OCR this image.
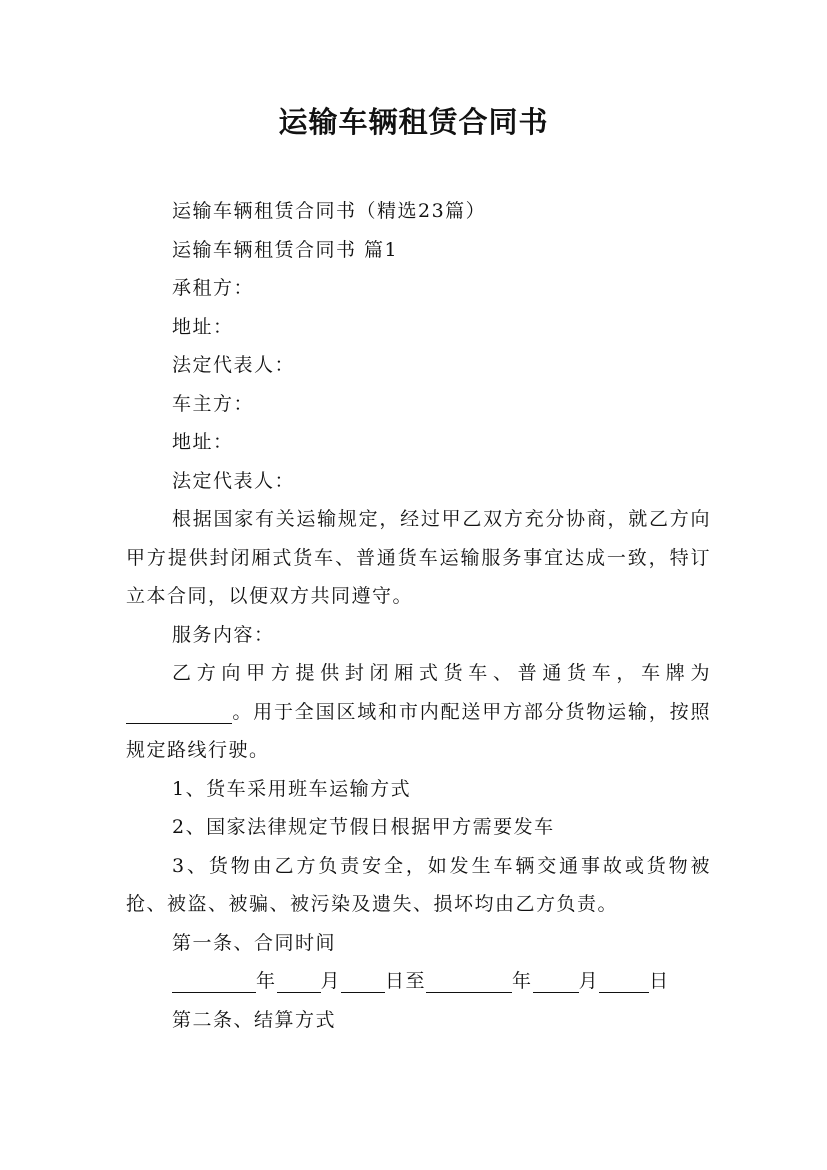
运输车辆租赁合同书

运输车辆租赁合同书（精选23篇）

运输车辆租赁合同书 篇1

承租方：

地址：

法定代表人：

车主方：

地址：

法定代表人：

根据国家有关运输规定，经过甲乙双方充分协商，就乙方向甲方提供封闭厢式货车、普通货车运输服务事宜达成一致，特订立本合同，以便双方共同遵守。

服务内容：

乙方向甲方提供封闭厢式货车、普通货车，车牌为。用于全国区域和市内配送甲方部分货物运输，按照规定路线行驶。

1、货车采用班车运输方式

2、国家法律规定节假日根据甲方需要发车

3、货物由乙方负责安全，如发生车辆交通事故或货物被抢、被盗、被骗、被污染及遗失、损坏均由乙方负责。

第一条、合同时间

年 月 日至	年 月	日

第二条、结算方式
